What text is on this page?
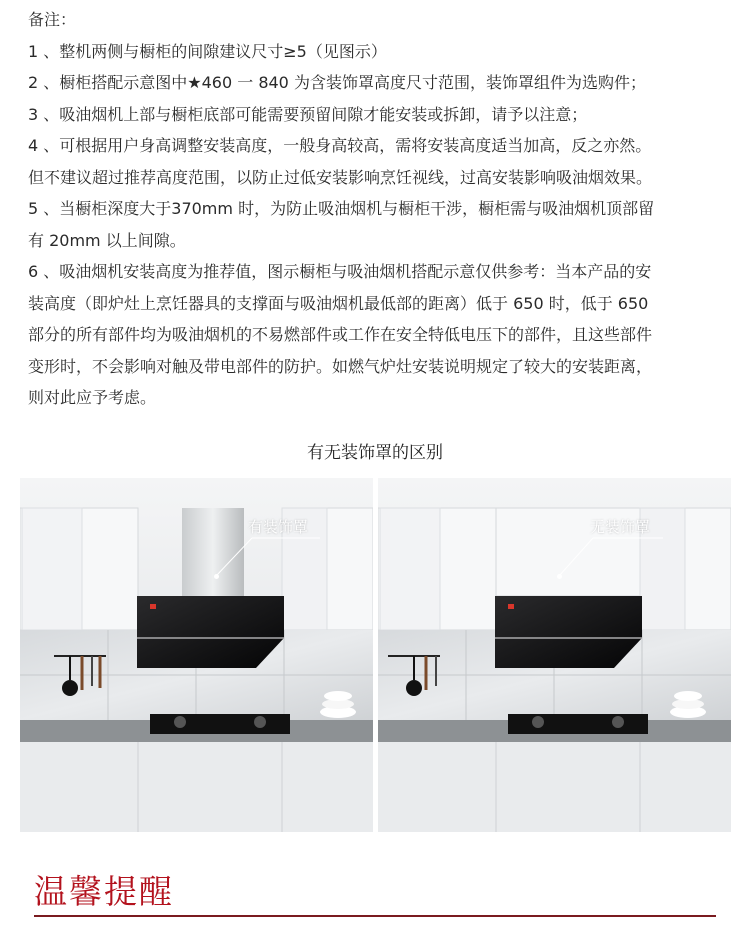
备注：

1 、整机两侧与橱柜的间隙建议尺寸≥5（见图示）

2 、橱柜搭配示意图中★460 一 840 为含装饰罩高度尺寸范围，装饰罩组件为选购件；

3 、吸油烟机上部与橱柜底部可能需要预留间隙才能安装或拆卸，请予以注意；

4 、可根据用户身高调整安装高度，一般身高较高，需将安装高度适当加高，反之亦然。

但不建议超过推荐高度范围，以防止过低安装影响烹饪视线，过高安装影响吸油烟效果。

5 、当橱柜深度大于370mm 时，为防止吸油烟机与橱柜干涉，橱柜需与吸油烟机顶部留

有 20mm 以上间隙。

6 、吸油烟机安装高度为推荐值，图示橱柜与吸油烟机搭配示意仅供参考：当本产品的安

装高度（即炉灶上烹饪器具的支撑面与吸油烟机最低部的距离）低于 650 时，低于 650

部分的所有部件均为吸油烟机的不易燃部件或工作在安全特低电压下的部件，且这些部件

变形时，不会影响对触及带电部件的防护。如燃气炉灶安装说明规定了较大的安装距离，

则对此应予考虑。

有无装饰罩的区别
有装饰罩	无装饰罩
温馨提醒
